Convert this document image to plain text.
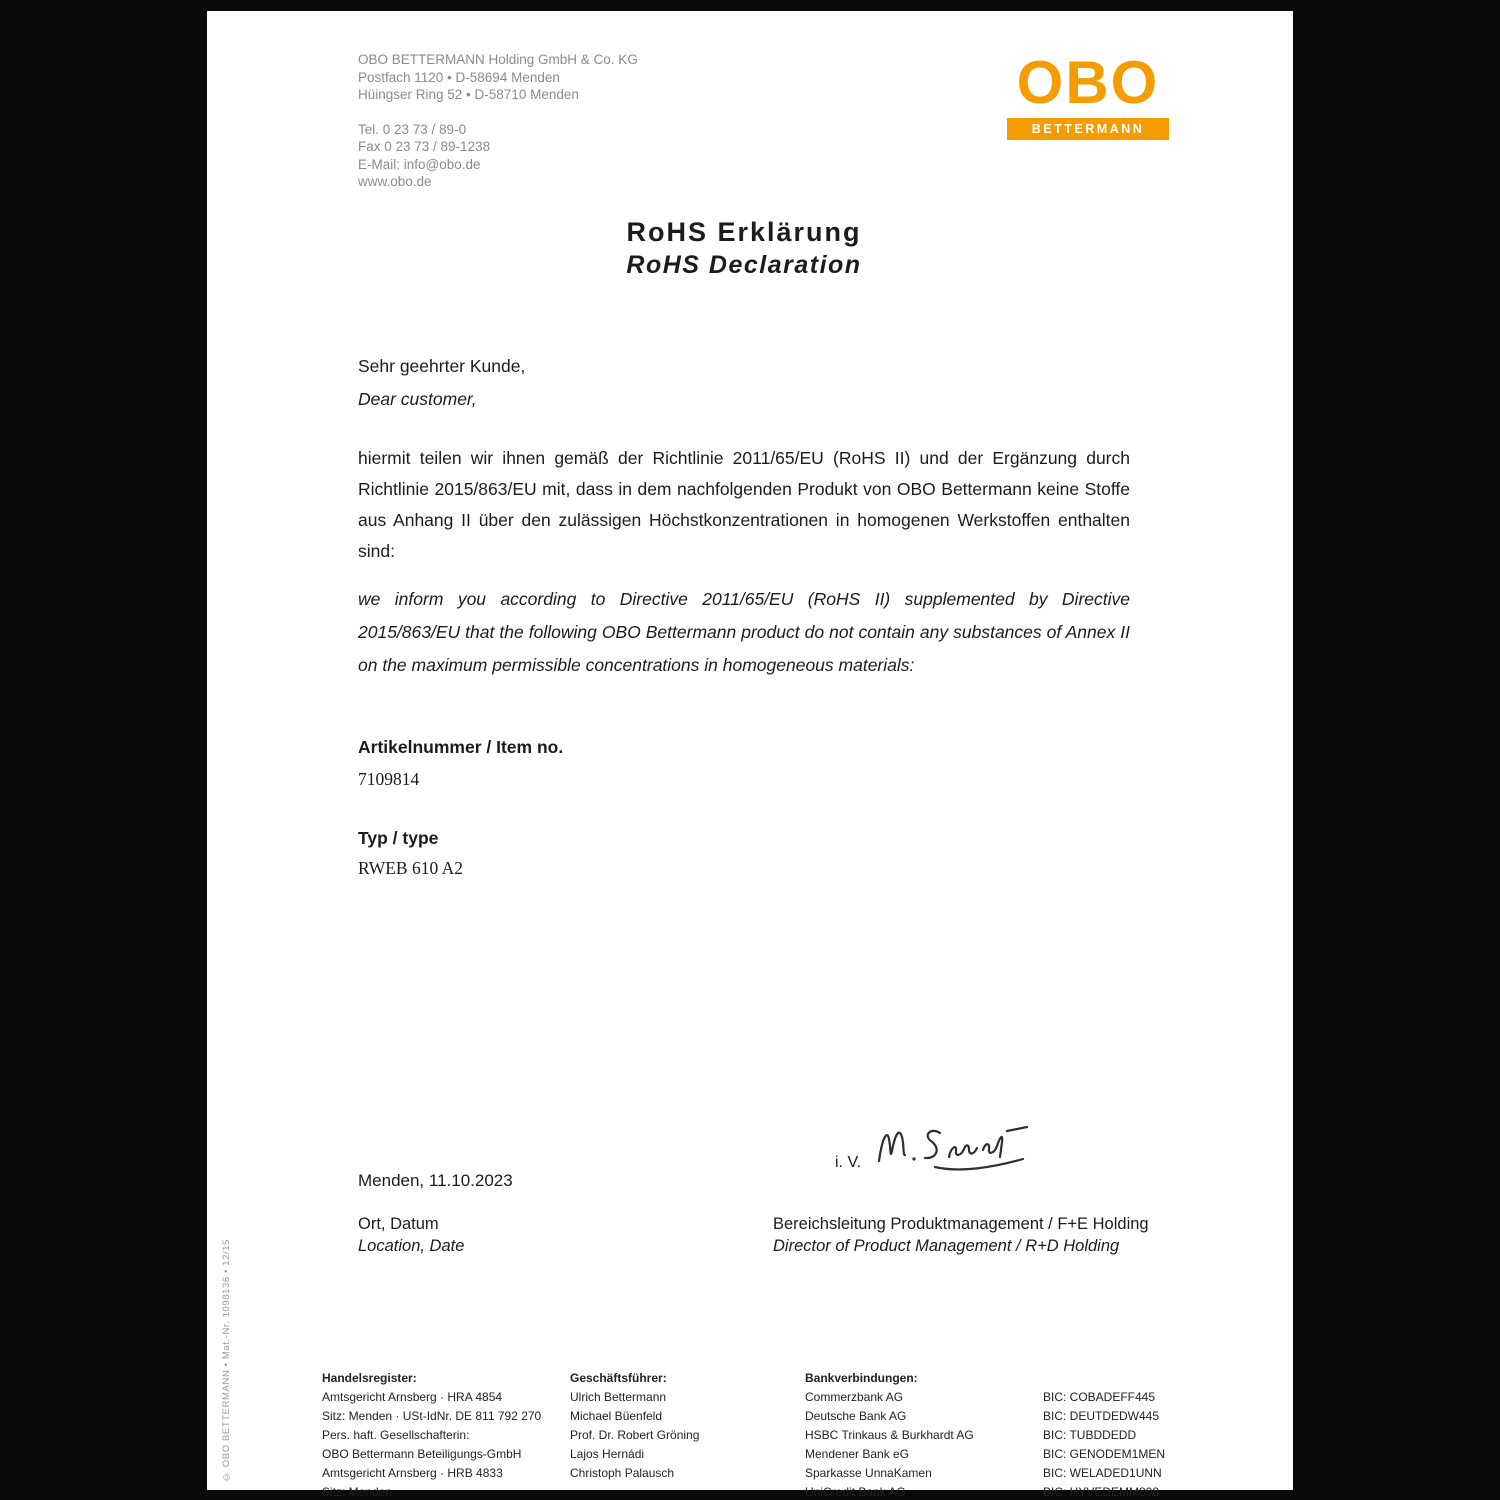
OBO BETTERMANN Holding GmbH & Co. KG
Postfach 1120 • D-58694 Menden
Hüingser Ring 52 • D-58710 Menden
Tel. 0 23 73 / 89-0
Fax 0 23 73 / 89-1238
E-Mail: info@obo.de
www.obo.de
OBO
BETTERMANN
RoHS Erklärung
RoHS Declaration
Sehr geehrter Kunde,
Dear customer,

hiermit teilen wir ihnen gemäß der Richtlinie 2011/65/EU (RoHS II) und der Ergänzung durch Richtlinie 2015/863/EU mit, dass in dem nachfolgenden Produkt von OBO Bettermann keine Stoffe aus Anhang II über den zulässigen Höchstkonzentrationen in homogenen Werkstoffen enthalten sind:

we inform you according to Directive 2011/65/EU (RoHS II) supplemented by Directive 2015/863/EU that the following OBO Bettermann product do not contain any substances of Annex II on the maximum permissible concentrations in homogeneous materials:

Artikelnummer / Item no.
7109814
Typ / type
RWEB 610 A2
i. V.
Menden, 11.10.2023
Ort, Datum
Location, Date
Bereichsleitung Produktmanagement / F+E Holding
Director of Product Management / R+D Holding
Handelsregister:
Amtsgericht Arnsberg · HRA 4854
Sitz: Menden · USt-IdNr. DE 811 792 270
Pers. haft. Gesellschafterin:
OBO Bettermann Beteiligungs-GmbH
Amtsgericht Arnsberg · HRB 4833
Sitz: Menden
Geschäftsführer:
Ulrich Bettermann
Michael Büenfeld
Prof. Dr. Robert Gröning
Lajos Hernádi
Christoph Palausch
Bankverbindungen:
Commerzbank AG	BIC: COBADEFF445
Deutsche Bank AG	BIC: DEUTDEDW445
HSBC Trinkaus & Burkhardt AG	BIC: TUBDDEDD
Mendener Bank eG	BIC: GENODEM1MEN
Sparkasse UnnaKamen	BIC: WELADED1UNN
UniCredit Bank AG	BIC: HYVEDEMM808
© OBO BETTERMANN • Mat.-Nr. 1098136 • 12/15
